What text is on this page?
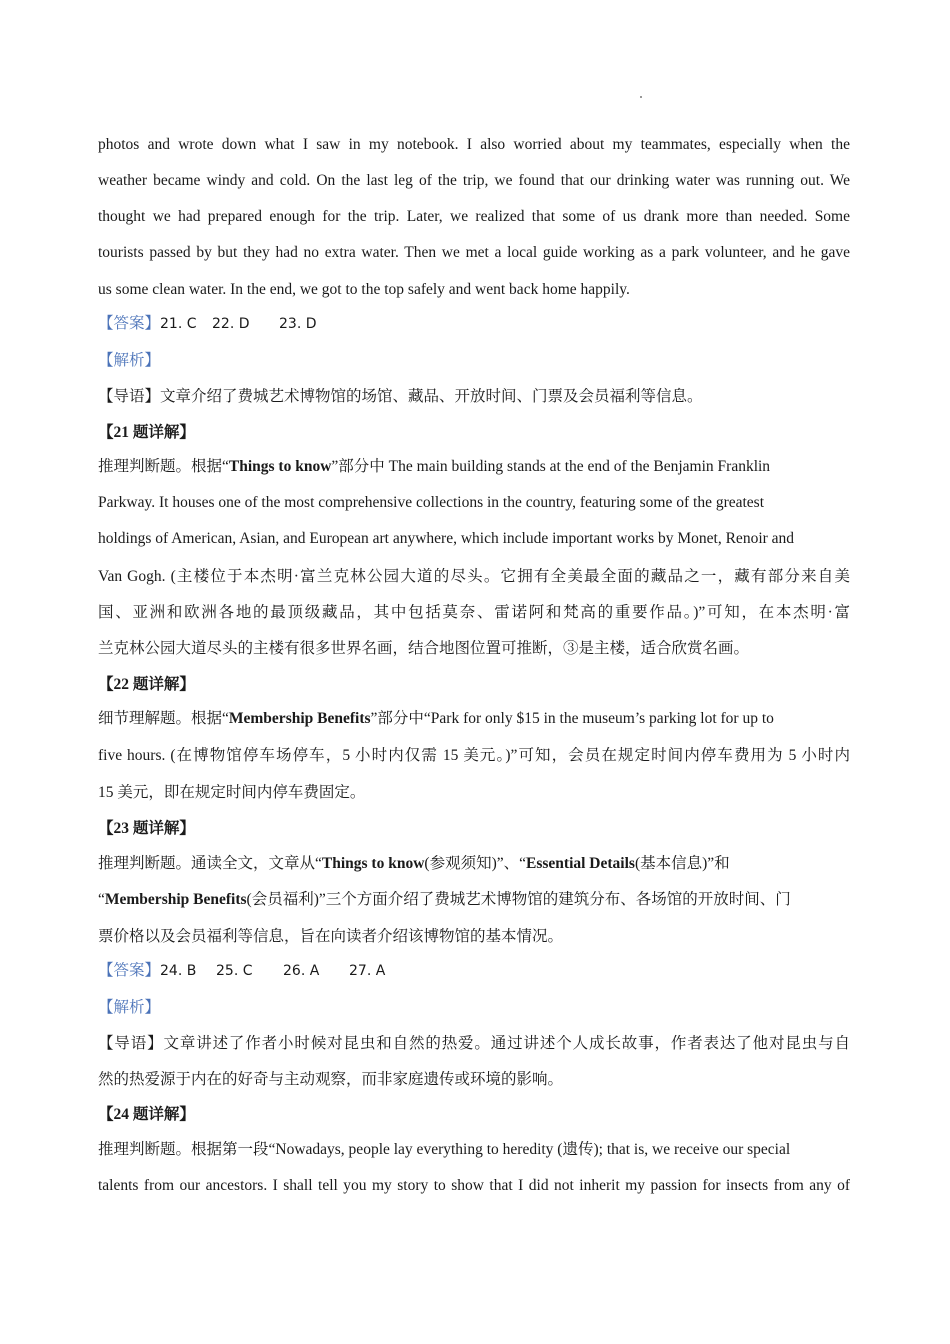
photos and wrote down what I saw in my notebook. I also worried about my teammates, especially when the
weather became windy and cold. On the last leg of the trip, we found that our drinking water was running out. We
thought we had prepared enough for the trip. Later, we realized that some of us drank more than needed. Some
tourists passed by but they had no extra water. Then we met a local guide working as a park volunteer, and he gave
us some clean water. In the end, we got to the top safely and went back home happily.
【答案】21. C 22. D 23. D
【解析】
【导语】文章介绍了费城艺术博物馆的场馆、藏品、开放时间、门票及会员福利等信息。
【21 题详解】
推理判断题。根据“Things to know”部分中 The main building stands at the end of the Benjamin Franklin
Parkway. It houses one of the most comprehensive collections in the country, featuring some of the greatest
holdings of American, Asian, and European art anywhere, which include important works by Monet, Renoir and
Van Gogh. (主楼位于本杰明·富兰克林公园大道的尽头。它拥有全美最全面的藏品之一，藏有部分来自美
国、亚洲和欧洲各地的最顶级藏品，其中包括莫奈、雷诺阿和梵高的重要作品。)”可知，在本杰明·富
兰克林公园大道尽头的主楼有很多世界名画，结合地图位置可推断，③是主楼，适合欣赏名画。
【22 题详解】
细节理解题。根据“Membership Benefits”部分中“Park for only $15 in the museum’s parking lot for up to
five hours. (在博物馆停车场停车，5 小时内仅需 15 美元。)”可知，会员在规定时间内停车费用为 5 小时内
15 美元，即在规定时间内停车费固定。
【23 题详解】
推理判断题。通读全文，文章从“Things to know(参观须知)”、“Essential Details(基本信息)”和
“Membership Benefits(会员福利)”三个方面介绍了费城艺术博物馆的建筑分布、各场馆的开放时间、门
票价格以及会员福利等信息，旨在向读者介绍该博物馆的基本情况。
【答案】24. B 25. C 26. A 27. A
【解析】
【导语】文章讲述了作者小时候对昆虫和自然的热爱。通过讲述个人成长故事，作者表达了他对昆虫与自
然的热爱源于内在的好奇与主动观察，而非家庭遗传或环境的影响。
【24 题详解】
推理判断题。根据第一段“Nowadays, people lay everything to heredity (遗传); that is, we receive our special
talents from our ancestors. I shall tell you my story to show that I did not inherit my passion for insects from any of
